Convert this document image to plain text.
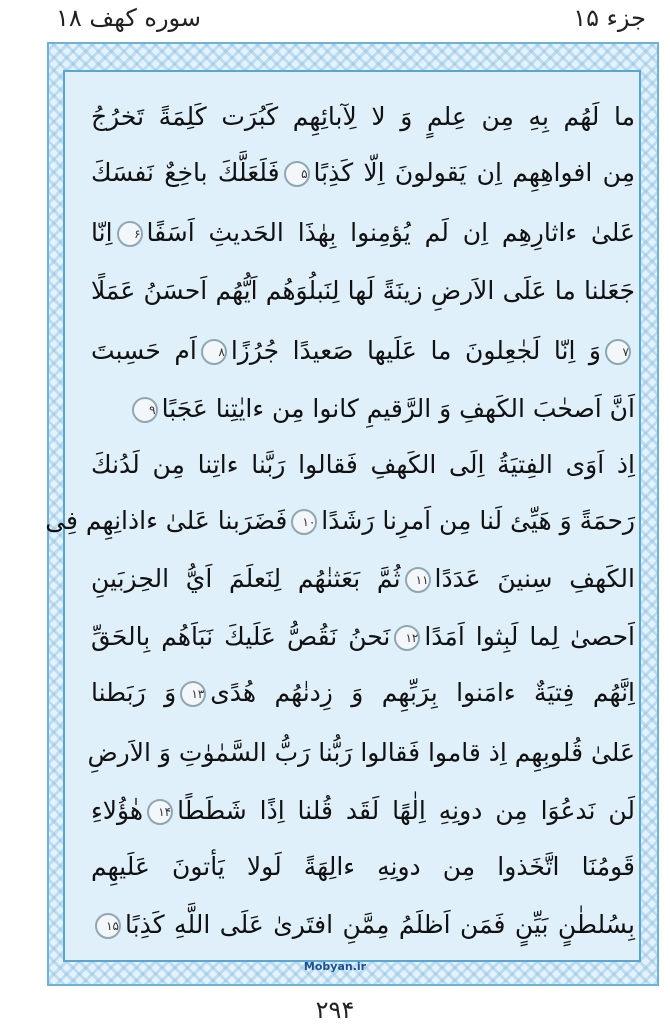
جزء ۱۵
سوره کهف ۱۸
ما لَهُم بِهِ مِن عِلمٍ وَ لا لِآبائِهِم كَبُرَت كَلِمَةً تَخرُجُ
مِن افواهِهِم اِن يَقولونَ اِلّا كَذِبًا۵فَلَعَلَّكَ باخِعٌ نَفسَكَ
عَلىٰ ءاثارِهِم اِن لَم يُؤمِنوا بِهٰذَا الحَديثِ اَسَفًا۶اِنّا
جَعَلنا ما عَلَى الاَرضِ زينَةً لَها لِنَبلُوَهُم اَيُّهُم اَحسَنُ عَمَلًا
۷وَ اِنّا لَجٰعِلونَ ما عَلَيها صَعيدًا جُرُزًا۸اَم حَسِبتَ
اَنَّ اَصحٰبَ الكَهفِ وَ الرَّقيمِ كانوا مِن ءايٰتِنا عَجَبًا۹
اِذ اَوَى الفِتيَةُ اِلَى الكَهفِ فَقالوا رَبَّنا ءاتِنا مِن لَدُنكَ
رَحمَةً وَ هَيِّئ لَنا مِن اَمرِنا رَشَدًا۱۰فَضَرَبنا عَلىٰ ءاذانِهِم فِى
الكَهفِ سِنينَ عَدَدًا۱۱ثُمَّ بَعَثنٰهُم لِنَعلَمَ اَيُّ الحِزبَينِ
اَحصىٰ لِما لَبِثوا اَمَدًا۱۲نَحنُ نَقُصُّ عَلَيكَ نَبَاَهُم بِالحَقِّ
اِنَّهُم فِتيَةٌ ءامَنوا بِرَبِّهِم وَ زِدنٰهُم هُدًى۱۳وَ رَبَطنا
عَلىٰ قُلوبِهِم اِذ قاموا فَقالوا رَبُّنا رَبُّ السَّمٰوٰتِ وَ الاَرضِ
لَن نَدعُوَا مِن دونِهِ اِلٰهًا لَقَد قُلنا اِذًا شَطَطًا۱۴هٰؤُلاءِ
قَومُنَا اتَّخَذوا مِن دونِهِ ءالِهَةً لَولا يَأتونَ عَلَيهِم
بِسُلطٰنٍ بَيِّنٍ فَمَن اَظلَمُ مِمَّنِ افتَرىٰ عَلَى اللَّهِ كَذِبًا۱۵
Mobyan.ir
۲۹۴
